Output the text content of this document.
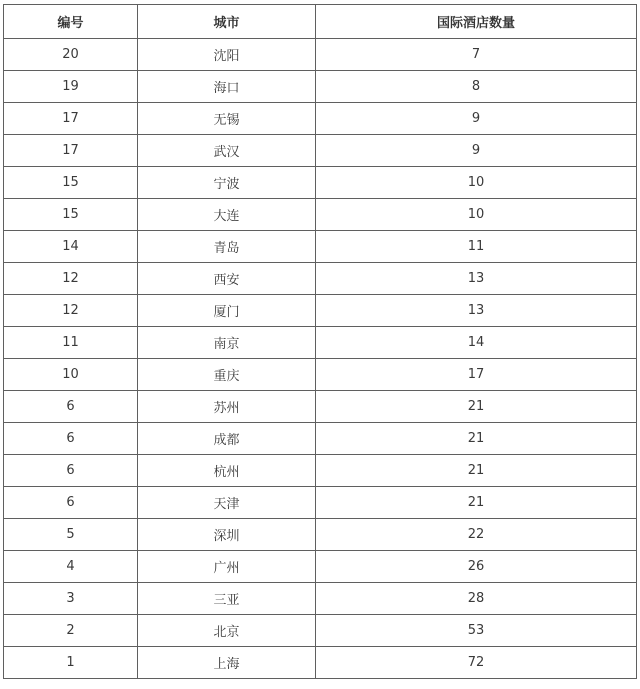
编号	城市	国际酒店数量
20	沈阳	7
19	海口	8
17	无锡	9
17	武汉	9
15	宁波	10
15	大连	10
14	青岛	11
12	西安	13
12	厦门	13
11	南京	14
10	重庆	17
6	苏州	21
6	成都	21
6	杭州	21
6	天津	21
5	深圳	22
4	广州	26
3	三亚	28
2	北京	53
1	上海	72
